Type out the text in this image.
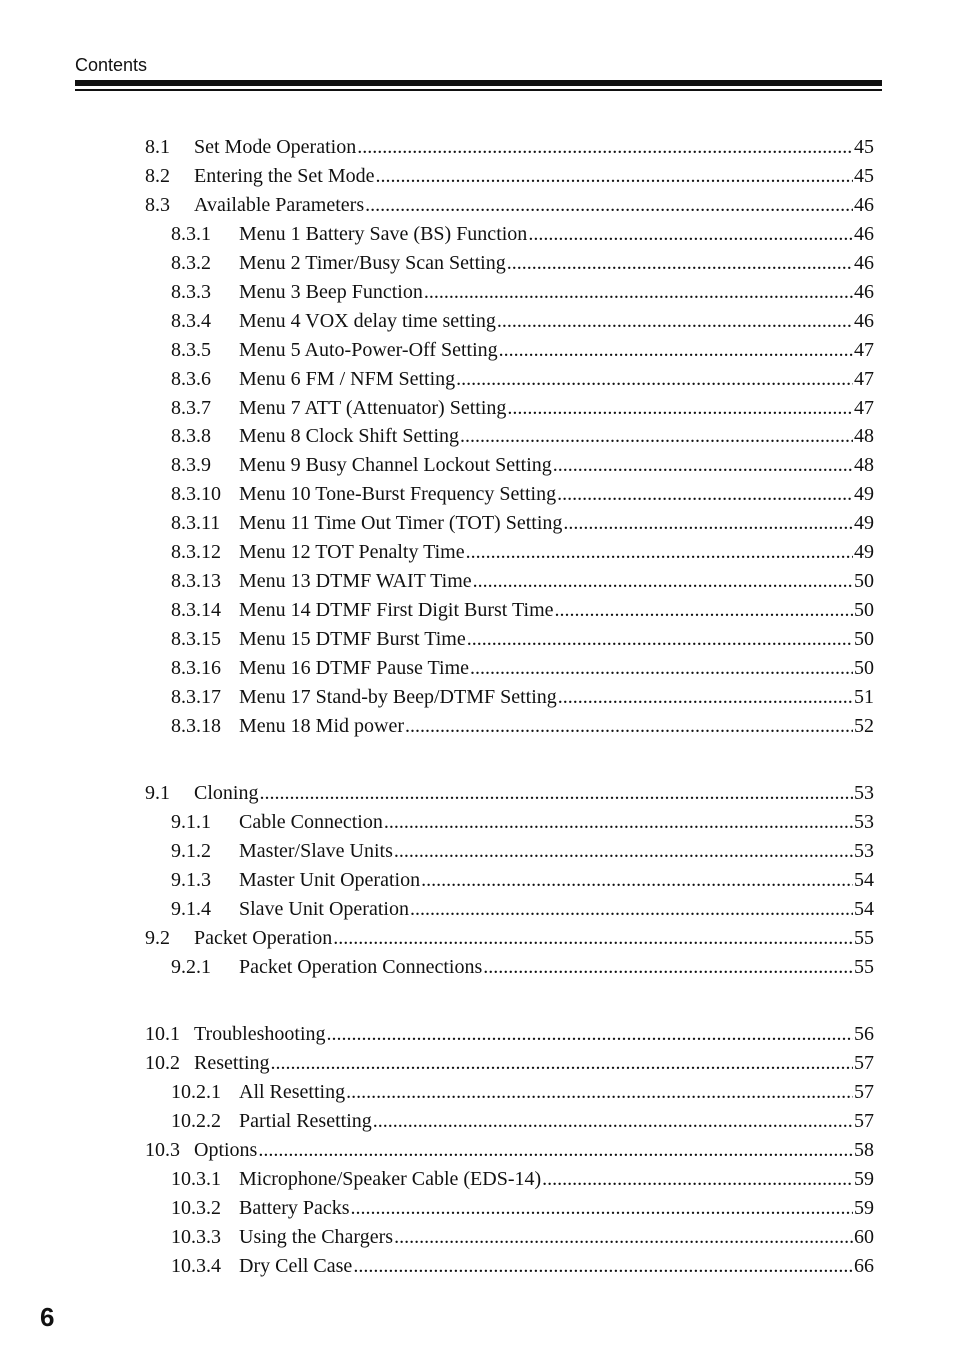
Contents
8.1	Set Mode Operation .....	45
8.2	Entering the Set Mode .....	45
8.3	Available Parameters .....	46
8.3.1	Menu 1 Battery Save (BS) Function .....	46
8.3.2	Menu 2 Timer/Busy Scan Setting .....	46
8.3.3	Menu 3 Beep Function .....	46
8.3.4	Menu 4 VOX delay time setting .....	46
8.3.5	Menu 5 Auto-Power-Off Setting .....	47
8.3.6	Menu 6 FM / NFM Setting .....	47
8.3.7	Menu 7 ATT (Attenuator) Setting .....	47
8.3.8	Menu 8 Clock Shift Setting .....	48
8.3.9	Menu 9 Busy Channel Lockout Setting .....	48
8.3.10 Menu 10 Tone-Burst Frequency Setting .....	49
8.3.11 Menu 11 Time Out Timer (TOT) Setting .....	49
8.3.12 Menu 12 TOT Penalty Time .....	49
8.3.13 Menu 13 DTMF WAIT Time .....	50
8.3.14 Menu 14 DTMF First Digit Burst Time .....	50
8.3.15 Menu 15 DTMF Burst Time .....	50
8.3.16 Menu 16 DTMF Pause Time .....	50
8.3.17 Menu 17 Stand-by Beep/DTMF Setting .....	51
8.3.18 Menu 18 Mid power .....	52
9.1	Cloning .....	53
9.1.1	Cable Connection .....	53
9.1.2	Master/Slave Units .....	53
9.1.3	Master Unit Operation .....	54
9.1.4	Slave Unit Operation .....	54
9.2	Packet Operation .....	55
9.2.1	Packet Operation Connections .....	55
10.1 Troubleshooting .....	56
10.2 Resetting .....	57
10.2.1 All Resetting .....	57
10.2.2 Partial Resetting .....	57
10.3 Options .....	58
10.3.1 Microphone/Speaker Cable (EDS-14) .....	59
10.3.2 Battery Packs .....	59
10.3.3 Using the Chargers .....	60
10.3.4 Dry Cell Case .....	66
6
